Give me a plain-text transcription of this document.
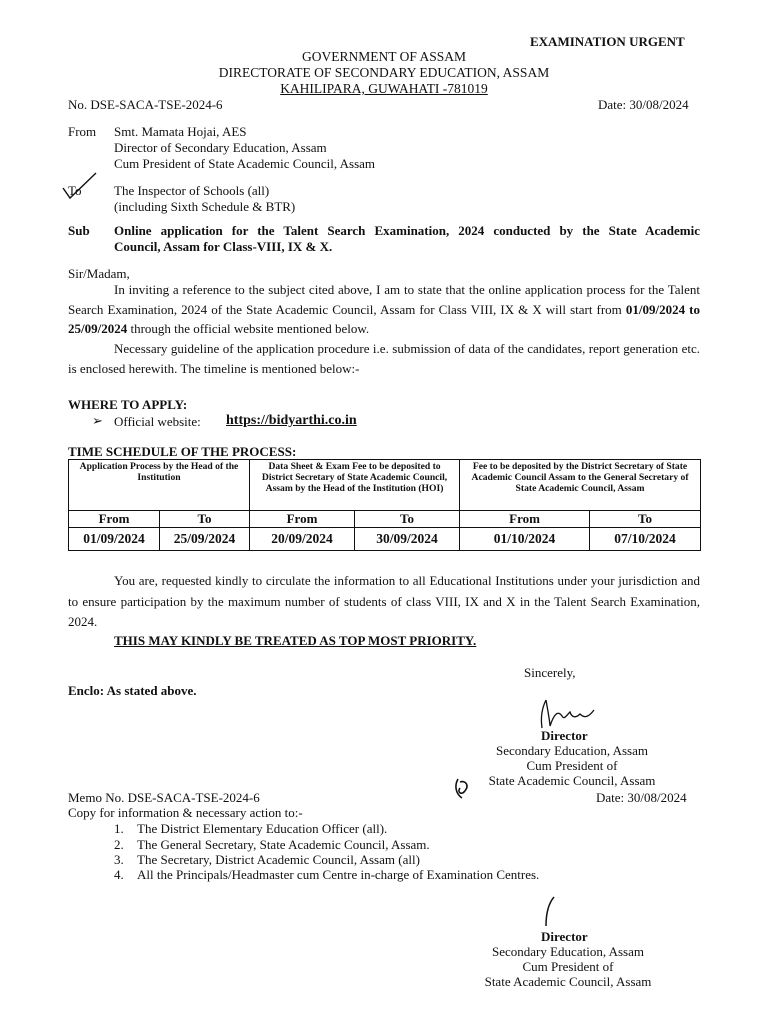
EXAMINATION URGENT
GOVERNMENT OF ASSAM
DIRECTORATE OF SECONDARY EDUCATION, ASSAM
KAHILIPARA, GUWAHATI -781019
No. DSE-SACA-TSE-2024-6	Date: 30/08/2024
From Smt. Mamata Hojai, AES
Director of Secondary Education, Assam
Cum President of State Academic Council, Assam
To The Inspector of Schools (all)
(including Sixth Schedule & BTR)
Sub Online application for the Talent Search Examination, 2024 conducted by the State Academic
Council, Assam for Class-VIII, IX & X.
Sir/Madam,
In inviting a reference to the subject cited above, I am to state that the online application process for the Talent Search Examination, 2024 of the State Academic Council, Assam for Class VIII, IX & X will start from 01/09/2024 to 25/09/2024 through the official website mentioned below.
Necessary guideline of the application procedure i.e. submission of data of the candidates, report generation etc. is enclosed herewith. The timeline is mentioned below:-
WHERE TO APPLY:
➢ Official website: https://bidyarthi.co.in
TIME SCHEDULE OF THE PROCESS:
Application Process by the Head of the Institution		Data Sheet & Exam Fee to be deposited to District Secretary of State Academic Council, Assam by the Head of the Institution (HOI)		Fee to be deposited by the District Secretary of State Academic Council Assam to the General Secretary of State Academic Council, Assam	
From	To	From	To	From	To
01/09/2024	25/09/2024	20/09/2024	30/09/2024	01/10/2024	07/10/2024
You are, requested kindly to circulate the information to all Educational Institutions under your jurisdiction and to ensure participation by the maximum number of students of class VIII, IX and X in the Talent Search Examination, 2024.
THIS MAY KINDLY BE TREATED AS TOP MOST PRIORITY.
Sincerely,
Enclo: As stated above.
Director
Secondary Education, Assam
Cum President of
State Academic Council, Assam
Memo No. DSE-SACA-TSE-2024-6	Date: 30/08/2024
Copy for information & necessary action to:-
1. The District Elementary Education Officer (all).
2. The General Secretary, State Academic Council, Assam.
3. The Secretary, District Academic Council, Assam (all)
4. All the Principals/Headmaster cum Centre in-charge of Examination Centres.
Director
Secondary Education, Assam
Cum President of
State Academic Council, Assam
